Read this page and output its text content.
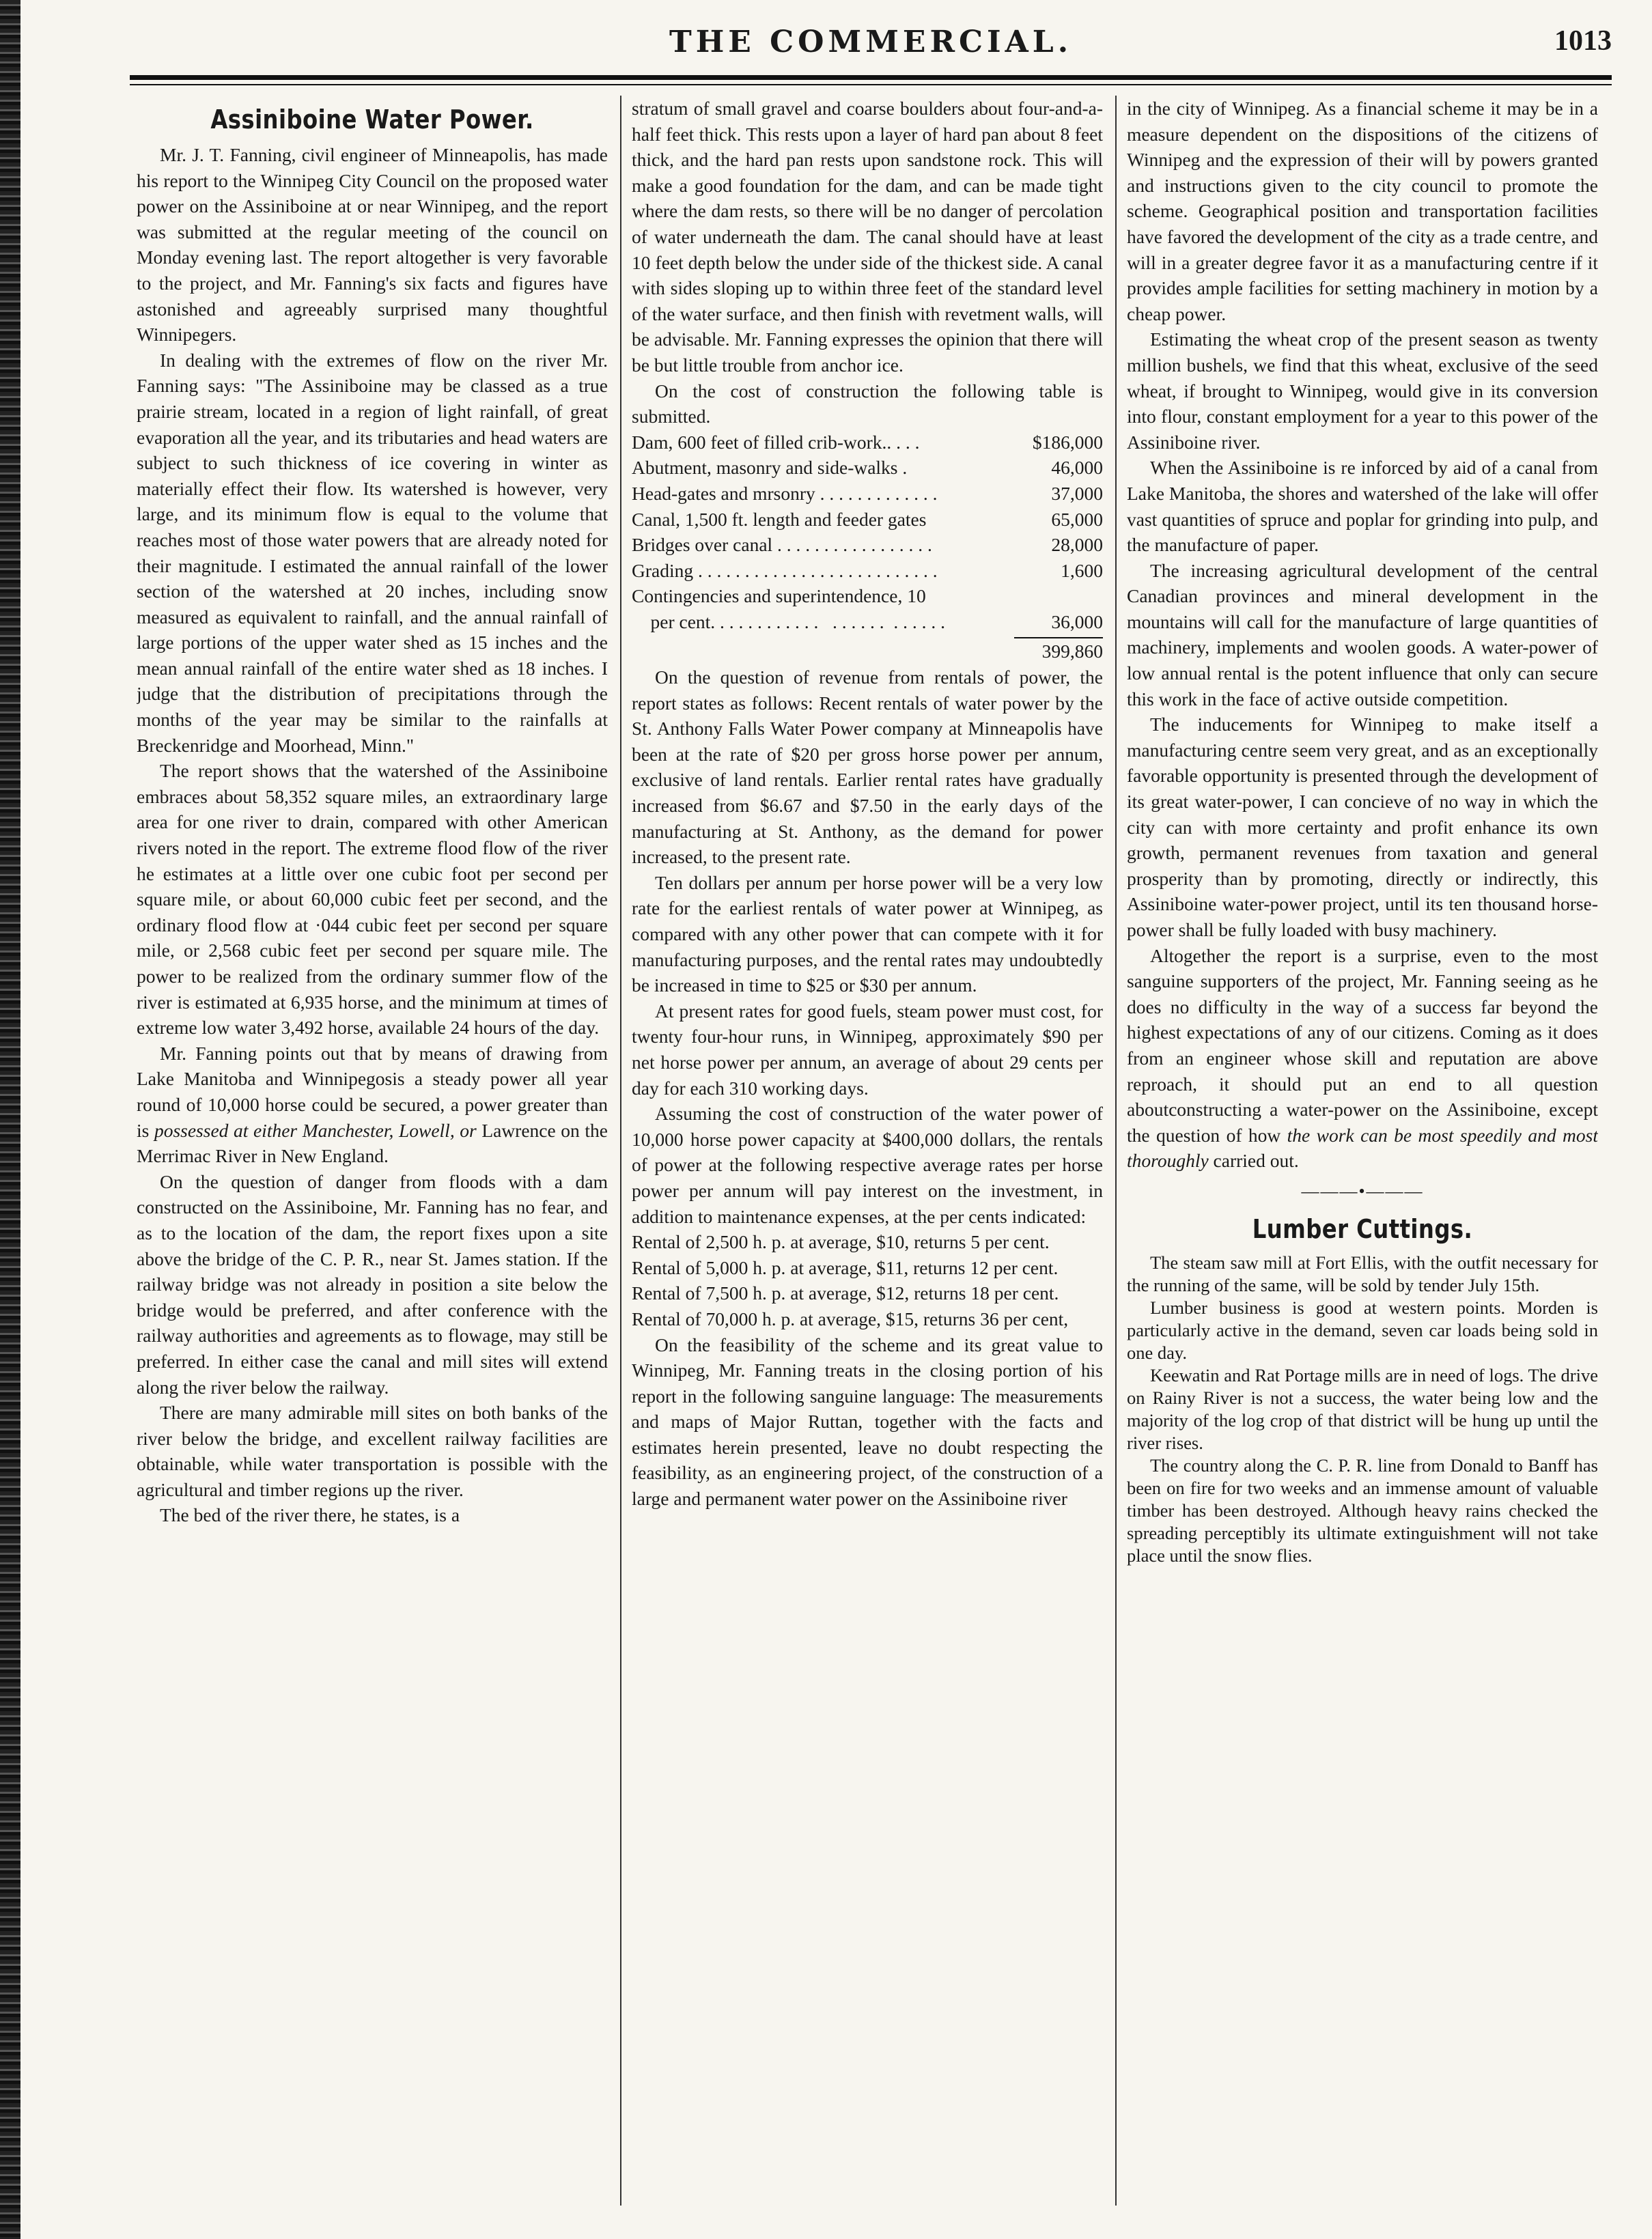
THE COMMERCIAL.	1013
Assiniboine Water Power.

Mr. J. T. Fanning, civil engineer of Minneapolis, has made his report to the Winnipeg City Council on the proposed water power on the Assiniboine at or near Winnipeg, and the report was submitted at the regular meeting of the council on Monday evening last. The report altogether is very favorable to the project, and Mr. Fanning's six facts and figures have astonished and agreeably surprised many thoughtful Winnipegers.

In dealing with the extremes of flow on the river Mr. Fanning says: "The Assiniboine may be classed as a true prairie stream, located in a region of light rainfall, of great evaporation all the year, and its tributaries and head waters are subject to such thickness of ice covering in winter as materially effect their flow. Its watershed is however, very large, and its minimum flow is equal to the volume that reaches most of those water powers that are already noted for their magnitude. I estimated the annual rainfall of the lower section of the watershed at 20 inches, including snow measured as equivalent to rainfall, and the annual rainfall of large portions of the upper water shed as 15 inches and the mean annual rainfall of the entire water shed as 18 inches. I judge that the distribution of precipitations through the months of the year may be similar to the rainfalls at Breckenridge and Moorhead, Minn."

The report shows that the watershed of the Assiniboine embraces about 58,352 square miles, an extraordinary large area for one river to drain, compared with other American rivers noted in the report. The extreme flood flow of the river he estimates at a little over one cubic foot per second per square mile, or about 60,000 cubic feet per second, and the ordinary flood flow at ·044 cubic feet per second per square mile, or 2,568 cubic feet per second per square mile. The power to be realized from the ordinary summer flow of the river is estimated at 6,935 horse, and the minimum at times of extreme low water 3,492 horse, available 24 hours of the day.

Mr. Fanning points out that by means of drawing from Lake Manitoba and Winnipegosis a steady power all year round of 10,000 horse could be secured, a power greater than is possessed at either Manchester, Lowell, or Lawrence on the Merrimac River in New England.

On the question of danger from floods with a dam constructed on the Assiniboine, Mr. Fanning has no fear, and as to the location of the dam, the report fixes upon a site above the bridge of the C. P. R., near St. James station. If the railway bridge was not already in position a site below the bridge would be preferred, and after conference with the railway authorities and agreements as to flowage, may still be preferred. In either case the canal and mill sites will extend along the river below the railway.

There are many admirable mill sites on both banks of the river below the bridge, and excellent railway facilities are obtainable, while water transportation is possible with the agricultural and timber regions up the river.

The bed of the river there, he states, is a

stratum of small gravel and coarse boulders about four-and-a-half feet thick. This rests upon a layer of hard pan about 8 feet thick, and the hard pan rests upon sandstone rock. This will make a good foundation for the dam, and can be made tight where the dam rests, so there will be no danger of percolation of water underneath the dam. The canal should have at least 10 feet depth below the under side of the thickest side. A canal with sides sloping up to within three feet of the standard level of the water surface, and then finish with revetment walls, will be advisable. Mr. Fanning expresses the opinion that there will be but little trouble from anchor ice.

On the cost of construction the following table is submitted.

Dam, 600 feet of filled crib-work.. . . .	$186,000
Abutment, masonry and side-walks .	46,000
Head-gates and mrsonry . . . . . . . . . . . . .	37,000
Canal, 1,500 ft. length and feeder gates	65,000
Bridges over canal . . . . . . . . . . . . . . . . .	28,000
Grading . . . . . . . . . . . . . . . . . . . . . . . . . .	1,600
Contingencies and superintendence, 10	
per cent. . . . . . . . . . . .   . . . . . .  . . . . . .	36,000
399,860

On the question of revenue from rentals of power, the report states as follows: Recent rentals of water power by the St. Anthony Falls Water Power company at Minneapolis have been at the rate of $20 per gross horse power per annum, exclusive of land rentals. Earlier rental rates have gradually increased from $6.67 and $7.50 in the early days of the manufacturing at St. Anthony, as the demand for power increased, to the present rate.

Ten dollars per annum per horse power will be a very low rate for the earliest rentals of water power at Winnipeg, as compared with any other power that can compete with it for manufacturing purposes, and the rental rates may undoubtedly be increased in time to $25 or $30 per annum.

At present rates for good fuels, steam power must cost, for twenty four-hour runs, in Winnipeg, approximately $90 per net horse power per annum, an average of about 29 cents per day for each 310 working days.

Assuming the cost of construction of the water power of 10,000 horse power capacity at $400,000 dollars, the rentals of power at the following respective average rates per horse power per annum will pay interest on the investment, in addition to maintenance expenses, at the per cents indicated:

Rental of 2,500 h. p. at average, $10, returns 5 per cent.

Rental of 5,000 h. p. at average, $11, returns 12 per cent.

Rental of 7,500 h. p. at average, $12, returns 18 per cent.

Rental of 70,000 h. p. at average, $15, returns 36 per cent,

On the feasibility of the scheme and its great value to Winnipeg, Mr. Fanning treats in the closing portion of his report in the following sanguine language: The measurements and maps of Major Ruttan, together with the facts and estimates herein presented, leave no doubt respecting the feasibility, as an engineering project, of the construction of a large and permanent water power on the Assiniboine river

in the city of Winnipeg. As a financial scheme it may be in a measure dependent on the dispositions of the citizens of Winnipeg and the expression of their will by powers granted and instructions given to the city council to promote the scheme. Geographical position and transportation facilities have favored the development of the city as a trade centre, and will in a greater degree favor it as a manufacturing centre if it provides ample facilities for setting machinery in motion by a cheap power.

Estimating the wheat crop of the present season as twenty million bushels, we find that this wheat, exclusive of the seed wheat, if brought to Winnipeg, would give in its conversion into flour, constant employment for a year to this power of the Assiniboine river.

When the Assiniboine is re inforced by aid of a canal from Lake Manitoba, the shores and watershed of the lake will offer vast quantities of spruce and poplar for grinding into pulp, and the manufacture of paper.

The increasing agricultural development of the central Canadian provinces and mineral development in the mountains will call for the manufacture of large quantities of machinery, implements and woolen goods. A water-power of low annual rental is the potent influence that only can secure this work in the face of active outside competition.

The inducements for Winnipeg to make itself a manufacturing centre seem very great, and as an exceptionally favorable opportunity is presented through the development of its great water-power, I can concieve of no way in which the city can with more certainty and profit enhance its own growth, permanent revenues from taxation and general prosperity than by promoting, directly or indirectly, this Assiniboine water-power project, until its ten thousand horse-power shall be fully loaded with busy machinery.

Altogether the report is a surprise, even to the most sanguine supporters of the project, Mr. Fanning seeing as he does no difficulty in the way of a success far beyond the highest expectations of any of our citizens. Coming as it does from an engineer whose skill and reputation are above reproach, it should put an end to all question aboutconstructing a water-power on the Assiniboine, except the question of how the work can be most speedily and most thoroughly carried out.

———•———
Lumber Cuttings.

The steam saw mill at Fort Ellis, with the outfit necessary for the running of the same, will be sold by tender July 15th.

Lumber business is good at western points. Morden is particularly active in the demand, seven car loads being sold in one day.

Keewatin and Rat Portage mills are in need of logs. The drive on Rainy River is not a success, the water being low and the majority of the log crop of that district will be hung up until the river rises.

The country along the C. P. R. line from Donald to Banff has been on fire for two weeks and an immense amount of valuable timber has been destroyed. Although heavy rains checked the spreading perceptibly its ultimate extinguishment will not take place until the snow flies.
